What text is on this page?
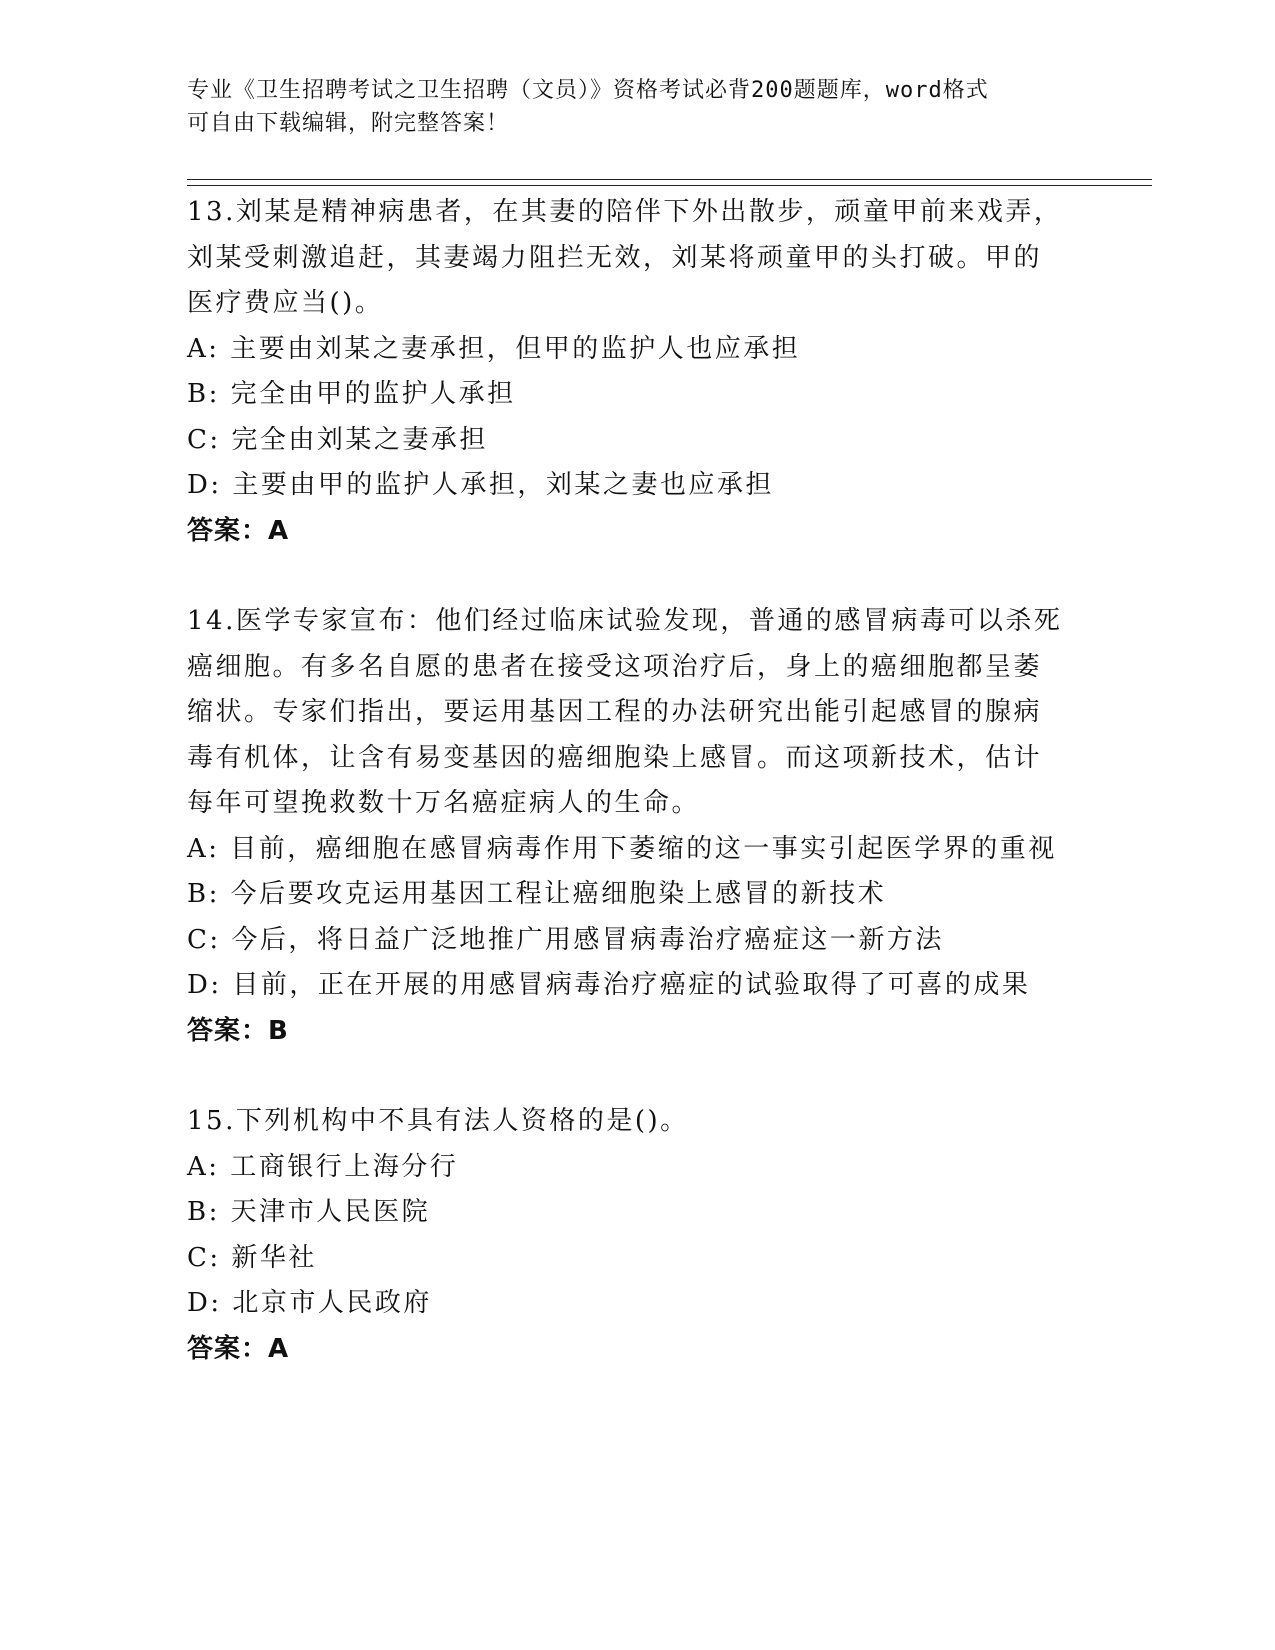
专业《卫生招聘考试之卫生招聘（文员）》资格考试必背200题题库，word格式
可自由下载编辑，附完整答案！
13.刘某是精神病患者，在其妻的陪伴下外出散步，顽童甲前来戏弄，
刘某受刺激追赶，其妻竭力阻拦无效，刘某将顽童甲的头打破。甲的
医疗费应当()。
A: 主要由刘某之妻承担，但甲的监护人也应承担
B: 完全由甲的监护人承担
C: 完全由刘某之妻承担
D: 主要由甲的监护人承担，刘某之妻也应承担
答案：A
14.医学专家宣布：他们经过临床试验发现，普通的感冒病毒可以杀死
癌细胞。有多名自愿的患者在接受这项治疗后，身上的癌细胞都呈萎
缩状。专家们指出，要运用基因工程的办法研究出能引起感冒的腺病
毒有机体，让含有易变基因的癌细胞染上感冒。而这项新技术，估计
每年可望挽救数十万名癌症病人的生命。
A: 目前，癌细胞在感冒病毒作用下萎缩的这一事实引起医学界的重视
B: 今后要攻克运用基因工程让癌细胞染上感冒的新技术
C: 今后，将日益广泛地推广用感冒病毒治疗癌症这一新方法
D: 目前，正在开展的用感冒病毒治疗癌症的试验取得了可喜的成果
答案：B
15.下列机构中不具有法人资格的是()。
A: 工商银行上海分行
B: 天津市人民医院
C: 新华社
D: 北京市人民政府
答案：A
